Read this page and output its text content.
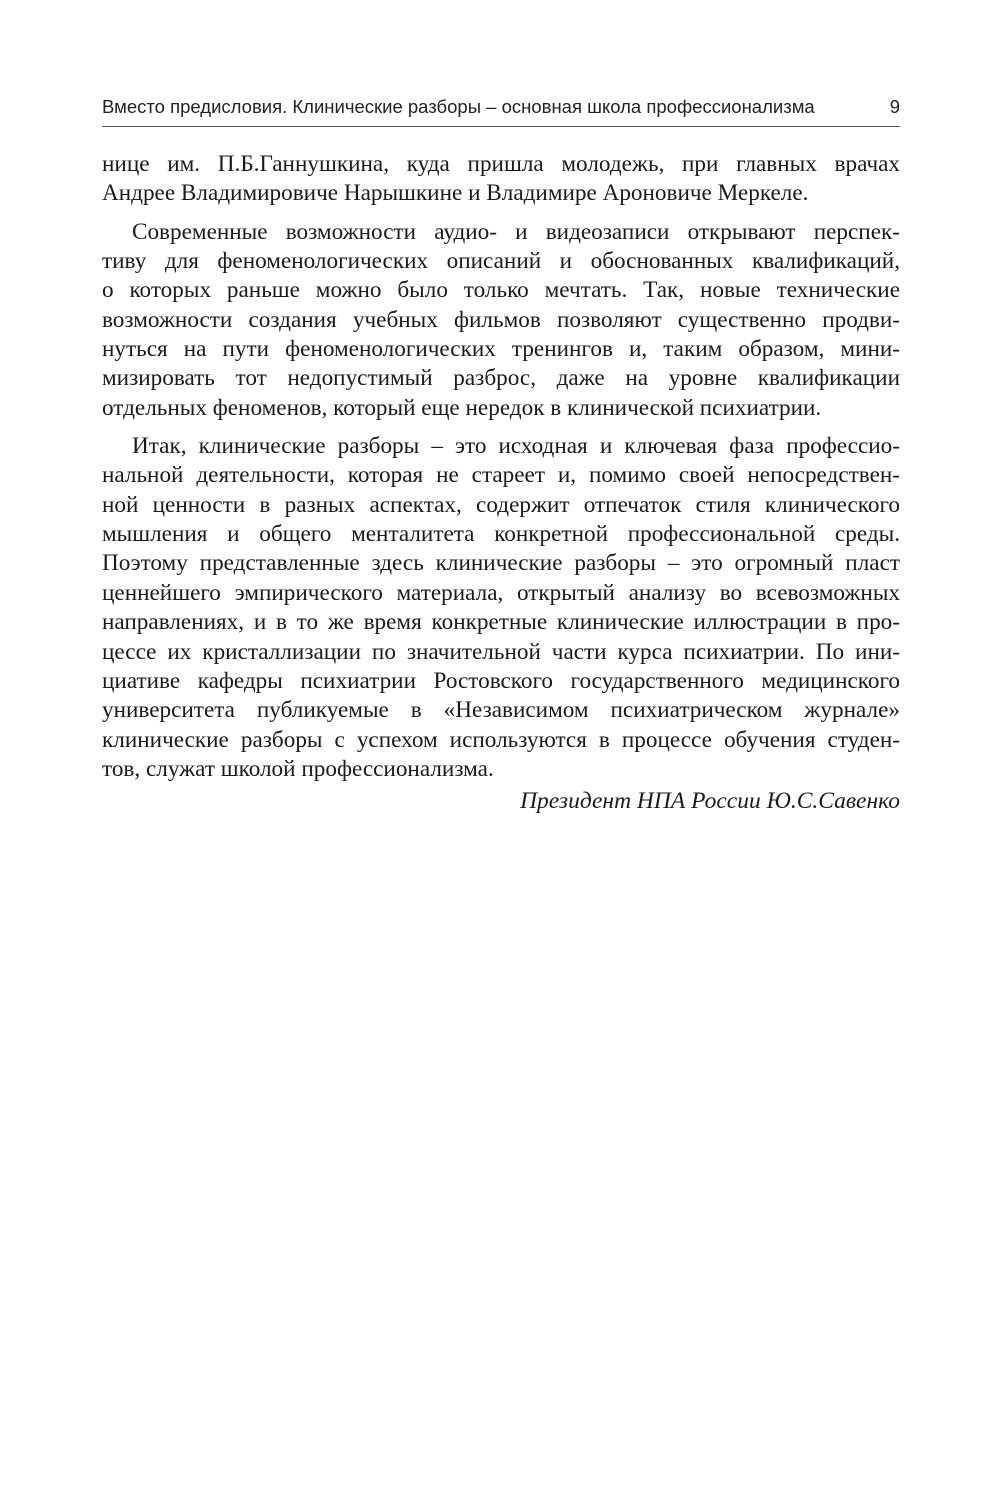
Вместо предисловия. Клинические разборы – основная школа профессионализма	9
нице им. П.Б.Ганнушкина, куда пришла молодежь, при главных врачах
Андрее Владимировиче Нарышкине и Владимире Ароновиче Меркеле.
Современные возможности аудио- и видеозаписи открывают перспек-
тиву для феноменологических описаний и обоснованных квалификаций,
о которых раньше можно было только мечтать. Так, новые технические
возможности создания учебных фильмов позволяют существенно продви-
нуться на пути феноменологических тренингов и, таким образом, мини-
мизировать тот недопустимый разброс, даже на уровне квалификации
отдельных феноменов, который еще нередок в клинической психиатрии.
Итак, клинические разборы – это исходная и ключевая фаза профессио-
нальной деятельности, которая не стареет и, помимо своей непосредствен-
ной ценности в разных аспектах, содержит отпечаток стиля клинического
мышления и общего менталитета конкретной профессиональной среды.
Поэтому представленные здесь клинические разборы – это огромный пласт
ценнейшего эмпирического материала, открытый анализу во всевозможных
направлениях, и в то же время конкретные клинические иллюстрации в про-
цессе их кристаллизации по значительной части курса психиатрии. По ини-
циативе кафедры психиатрии Ростовского государственного медицинского
университета публикуемые в «Независимом психиатрическом журнале»
клинические разборы с успехом используются в процессе обучения студен-
тов, служат школой профессионализма.
Президент НПА России Ю.С.Савенко
